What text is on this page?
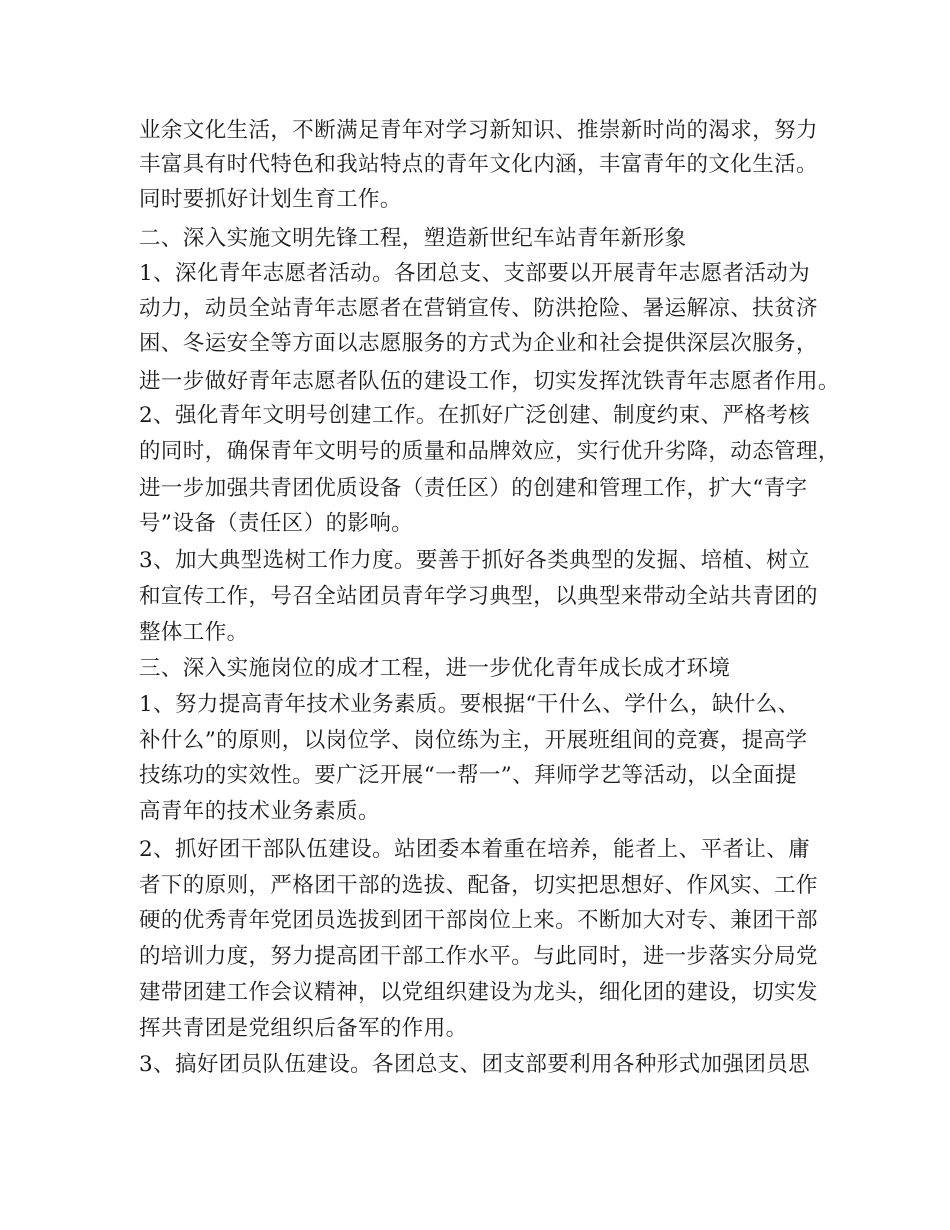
业余文化生活，不断满足青年对学习新知识、推崇新时尚的渴求，努力

丰富具有时代特色和我站特点的青年文化内涵，丰富青年的文化生活。

同时要抓好计划生育工作。

二、深入实施文明先锋工程，塑造新世纪车站青年新形象

1、深化青年志愿者活动。各团总支、支部要以开展青年志愿者活动为

动力，动员全站青年志愿者在营销宣传、防洪抢险、暑运解凉、扶贫济

困、冬运安全等方面以志愿服务的方式为企业和社会提供深层次服务，

进一步做好青年志愿者队伍的建设工作，切实发挥沈铁青年志愿者作用。

2、强化青年文明号创建工作。在抓好广泛创建、制度约束、严格考核

的同时，确保青年文明号的质量和品牌效应，实行优升劣降，动态管理，

进一步加强共青团优质设备（责任区）的创建和管理工作，扩大“青字

号”设备（责任区）的影响。

3、加大典型选树工作力度。要善于抓好各类典型的发掘、培植、树立

和宣传工作，号召全站团员青年学习典型，以典型来带动全站共青团的

整体工作。

三、深入实施岗位的成才工程，进一步优化青年成长成才环境

1、努力提高青年技术业务素质。要根据“干什么、学什么，缺什么、

补什么”的原则，以岗位学、岗位练为主，开展班组间的竞赛，提高学

技练功的实效性。要广泛开展“一帮一”、拜师学艺等活动，以全面提

高青年的技术业务素质。

2、抓好团干部队伍建设。站团委本着重在培养，能者上、平者让、庸

者下的原则，严格团干部的选拔、配备，切实把思想好、作风实、工作

硬的优秀青年党团员选拔到团干部岗位上来。不断加大对专、兼团干部

的培训力度，努力提高团干部工作水平。与此同时，进一步落实分局党

建带团建工作会议精神，以党组织建设为龙头，细化团的建设，切实发

挥共青团是党组织后备军的作用。

3、搞好团员队伍建设。各团总支、团支部要利用各种形式加强团员思
